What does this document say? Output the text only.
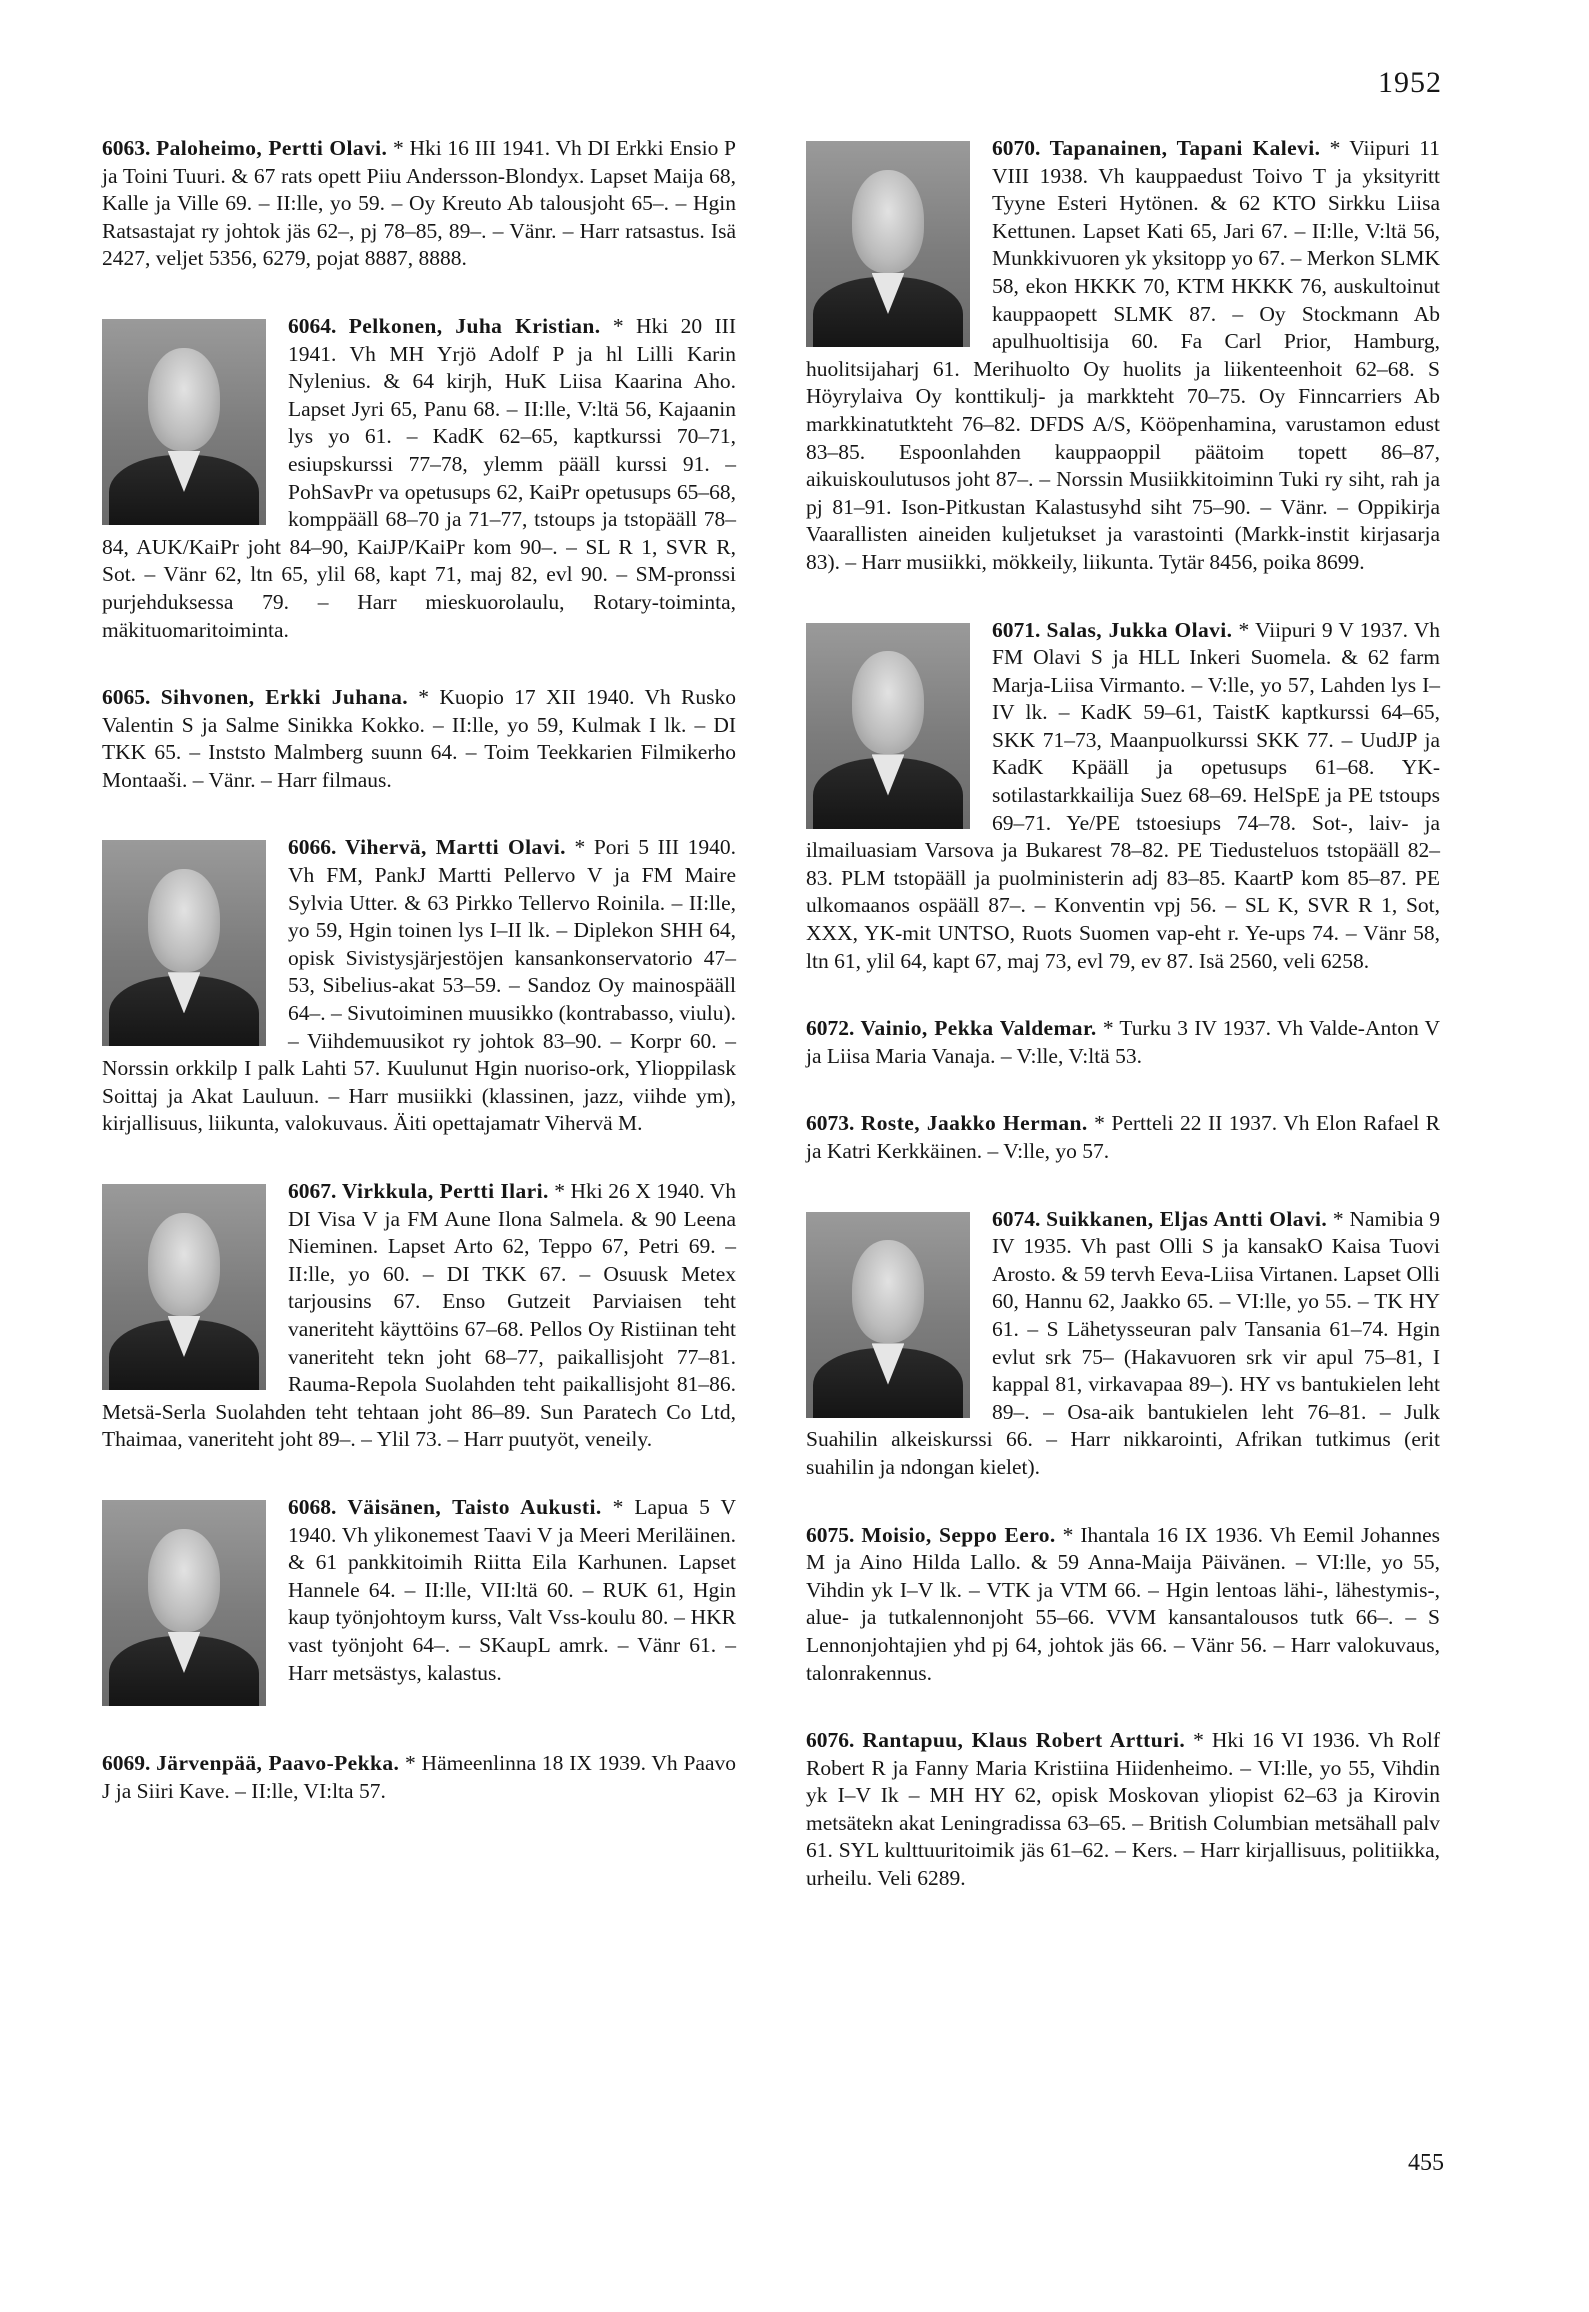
1952
6063. Paloheimo, Pertti Olavi. * Hki 16 III 1941. Vh DI Erkki Ensio P ja Toini Tuuri. & 67 rats opett Piiu Andersson-Blondyx. Lapset Maija 68, Kalle ja Ville 69. – II:lle, yo 59. – Oy Kreuto Ab talousjoht 65–. – Hgin Ratsastajat ry johtok jäs 62–, pj 78–85, 89–. – Vänr. – Harr ratsastus. Isä 2427, veljet 5356, 6279, pojat 8887, 8888.
6064. Pelkonen, Juha Kristian. * Hki 20 III 1941. Vh MH Yrjö Adolf P ja hl Lilli Karin Nylenius. & 64 kirjh, HuK Liisa Kaarina Aho. Lapset Jyri 65, Panu 68. – II:lle, V:ltä 56, Kajaanin lys yo 61. – KadK 62–65, kaptkurssi 70–71, esiupskurssi 77–78, ylemm pääll kurssi 91. – PohSavPr va opetusups 62, KaiPr opetusups 65–68, komppääll 68–70 ja 71–77, tstoups ja tstopääll 78–84, AUK/KaiPr joht 84–90, KaiJP/KaiPr kom 90–. – SL R 1, SVR R, Sot. – Vänr 62, ltn 65, ylil 68, kapt 71, maj 82, evl 90. – SM-pronssi purjehduksessa 79. – Harr mieskuorolaulu, Rotary-toiminta, mäkituomaritoiminta.
6065. Sihvonen, Erkki Juhana. * Kuopio 17 XII 1940. Vh Rusko Valentin S ja Salme Sinikka Kokko. – II:lle, yo 59, Kulmak I lk. – DI TKK 65. – Inststo Malmberg suunn 64. – Toim Teekkarien Filmikerho Montaaši. – Vänr. – Harr filmaus.
6066. Vihervä, Martti Olavi. * Pori 5 III 1940. Vh FM, PankJ Martti Pellervo V ja FM Maire Sylvia Utter. & 63 Pirkko Tellervo Roinila. – II:lle, yo 59, Hgin toinen lys I–II lk. – Diplekon SHH 64, opisk Sivistysjärjestöjen kansankonservatorio 47–53, Sibelius-akat 53–59. – Sandoz Oy mainospääll 64–. – Sivutoiminen muusikko (kontrabasso, viulu). – Viihdemuusikot ry johtok 83–90. – Korpr 60. – Norssin orkkilp I palk Lahti 57. Kuulunut Hgin nuoriso-ork, Ylioppilask Soittaj ja Akat Lauluun. – Harr musiikki (klassinen, jazz, viihde ym), kirjallisuus, liikunta, valokuvaus. Äiti opettajamatr Vihervä M.
6067. Virkkula, Pertti Ilari. * Hki 26 X 1940. Vh DI Visa V ja FM Aune Ilona Salmela. & 90 Leena Nieminen. Lapset Arto 62, Teppo 67, Petri 69. – II:lle, yo 60. – DI TKK 67. – Osuusk Metex tarjousins 67. Enso Gutzeit Parviaisen teht vaneriteht käyttöins 67–68. Pellos Oy Ristiinan teht vaneriteht tekn joht 68–77, paikallisjoht 77–81. Rauma-Repola Suolahden teht paikallisjoht 81–86. Metsä-Serla Suolahden teht tehtaan joht 86–89. Sun Paratech Co Ltd, Thaimaa, vaneriteht joht 89–. – Ylil 73. – Harr puutyöt, veneily.
6068. Väisänen, Taisto Aukusti. * Lapua 5 V 1940. Vh ylikonemest Taavi V ja Meeri Meriläinen. & 61 pankkitoimih Riitta Eila Karhunen. Lapset Hannele 64. – II:lle, VII:ltä 60. – RUK 61, Hgin kaup työnjohtoym kurss, Valt Vss-koulu 80. – HKR vast työnjoht 64–. – SKaupL amrk. – Vänr 61. – Harr metsästys, kalastus.
6069. Järvenpää, Paavo-Pekka. * Hämeenlinna 18 IX 1939. Vh Paavo J ja Siiri Kave. – II:lle, VI:lta 57.
6070. Tapanainen, Tapani Kalevi. * Viipuri 11 VIII 1938. Vh kauppaedust Toivo T ja yksityritt Tyyne Esteri Hytönen. & 62 KTO Sirkku Liisa Kettunen. Lapset Kati 65, Jari 67. – II:lle, V:ltä 56, Munkkivuoren yk yksitopp yo 67. – Merkon SLMK 58, ekon HKKK 70, KTM HKKK 76, auskultoinut kauppaopett SLMK 87. – Oy Stockmann Ab apulhuoltisija 60. Fa Carl Prior, Hamburg, huolitsijaharj 61. Merihuolto Oy huolits ja liikenteenhoit 62–68. S Höyrylaiva Oy konttikulj- ja markkteht 70–75. Oy Finncarriers Ab markkinatutkteht 76–82. DFDS A/S, Kööpenhamina, varustamon edust 83–85. Espoonlahden kauppaoppil päätoim topett 86–87, aikuiskoulutusos joht 87–. – Norssin Musiikkitoiminn Tuki ry siht, rah ja pj 81–91. Ison-Pitkustan Kalastusyhd siht 75–90. – Vänr. – Oppikirja Vaarallisten aineiden kuljetukset ja varastointi (Markk-instit kirjasarja 83). – Harr musiikki, mökkeily, liikunta. Tytär 8456, poika 8699.
6071. Salas, Jukka Olavi. * Viipuri 9 V 1937. Vh FM Olavi S ja HLL Inkeri Suomela. & 62 farm Marja-Liisa Virmanto. – V:lle, yo 57, Lahden lys I–IV lk. – KadK 59–61, TaistK kaptkurssi 64–65, SKK 71–73, Maanpuolkurssi SKK 77. – UudJP ja KadK Kpääll ja opetusups 61–68. YK-sotilastarkkailija Suez 68–69. HelSpE ja PE tstoups 69–71. Ye/PE tstoesiups 74–78. Sot-, laiv- ja ilmailuasiam Varsova ja Bukarest 78–82. PE Tiedusteluos tstopääll 82–83. PLM tstopääll ja puolministerin adj 83–85. KaartP kom 85–87. PE ulkomaanos ospääll 87–. – Konventin vpj 56. – SL K, SVR R 1, Sot, XXX, YK-mit UNTSO, Ruots Suomen vap-eht r. Ye-ups 74. – Vänr 58, ltn 61, ylil 64, kapt 67, maj 73, evl 79, ev 87. Isä 2560, veli 6258.
6072. Vainio, Pekka Valdemar. * Turku 3 IV 1937. Vh Valde-Anton V ja Liisa Maria Vanaja. – V:lle, V:ltä 53.
6073. Roste, Jaakko Herman. * Pertteli 22 II 1937. Vh Elon Rafael R ja Katri Kerkkäinen. – V:lle, yo 57.
6074. Suikkanen, Eljas Antti Olavi. * Namibia 9 IV 1935. Vh past Olli S ja kansakO Kaisa Tuovi Arosto. & 59 tervh Eeva-Liisa Virtanen. Lapset Olli 60, Hannu 62, Jaakko 65. – VI:lle, yo 55. – TK HY 61. – S Lähetysseuran palv Tansania 61–74. Hgin evlut srk 75– (Hakavuoren srk vir apul 75–81, I kappal 81, virkavapaa 89–). HY vs bantukielen leht 89–. – Osa-aik bantukielen leht 76–81. – Julk Suahilin alkeiskurssi 66. – Harr nikkarointi, Afrikan tutkimus (erit suahilin ja ndongan kielet).
6075. Moisio, Seppo Eero. * Ihantala 16 IX 1936. Vh Eemil Johannes M ja Aino Hilda Lallo. & 59 Anna-Maija Päivänen. – VI:lle, yo 55, Vihdin yk I–V lk. – VTK ja VTM 66. – Hgin lentoas lähi-, lähestymis-, alue- ja tutkalennonjoht 55–66. VVM kansantalousos tutk 66–. – S Lennonjohtajien yhd pj 64, johtok jäs 66. – Vänr 56. – Harr valokuvaus, talonrakennus.
6076. Rantapuu, Klaus Robert Artturi. * Hki 16 VI 1936. Vh Rolf Robert R ja Fanny Maria Kristiina Hiidenheimo. – VI:lle, yo 55, Vihdin yk I–V Ik – MH HY 62, opisk Moskovan yliopist 62–63 ja Kirovin metsätekn akat Leningradissa 63–65. – British Columbian metsähall palv 61. SYL kulttuuritoimik jäs 61–62. – Kers. – Harr kirjallisuus, politiikka, urheilu. Veli 6289.
455
